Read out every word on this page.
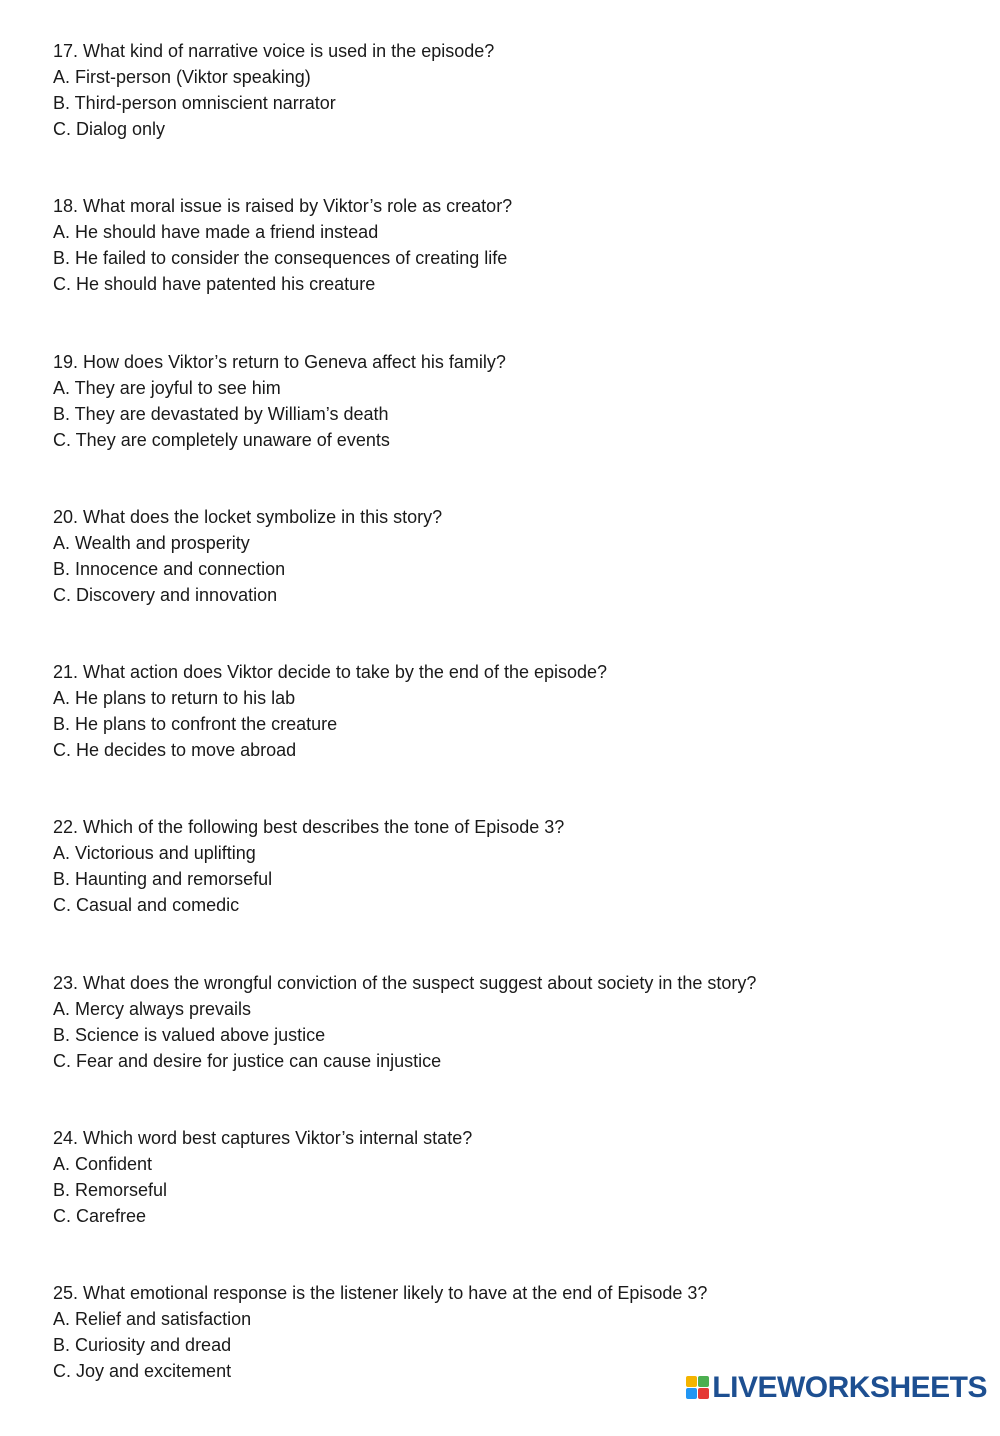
17. What kind of narrative voice is used in the episode?
A. First-person (Viktor speaking)
B. Third-person omniscient narrator
C. Dialog only
18. What moral issue is raised by Viktor’s role as creator?
A. He should have made a friend instead
B. He failed to consider the consequences of creating life
C. He should have patented his creature
19. How does Viktor’s return to Geneva affect his family?
A. They are joyful to see him
B. They are devastated by William’s death
C. They are completely unaware of events
20. What does the locket symbolize in this story?
A. Wealth and prosperity
B. Innocence and connection
C. Discovery and innovation
21. What action does Viktor decide to take by the end of the episode?
A. He plans to return to his lab
B. He plans to confront the creature
C. He decides to move abroad
22. Which of the following best describes the tone of Episode 3?
A. Victorious and uplifting
B. Haunting and remorseful
C. Casual and comedic
23. What does the wrongful conviction of the suspect suggest about society in the story?
A. Mercy always prevails
B. Science is valued above justice
C. Fear and desire for justice can cause injustice
24. Which word best captures Viktor’s internal state?
A. Confident
B. Remorseful
C. Carefree
25. What emotional response is the listener likely to have at the end of Episode 3?
A. Relief and satisfaction
B. Curiosity and dread
C. Joy and excitement	LIVEWORKSHEETS
